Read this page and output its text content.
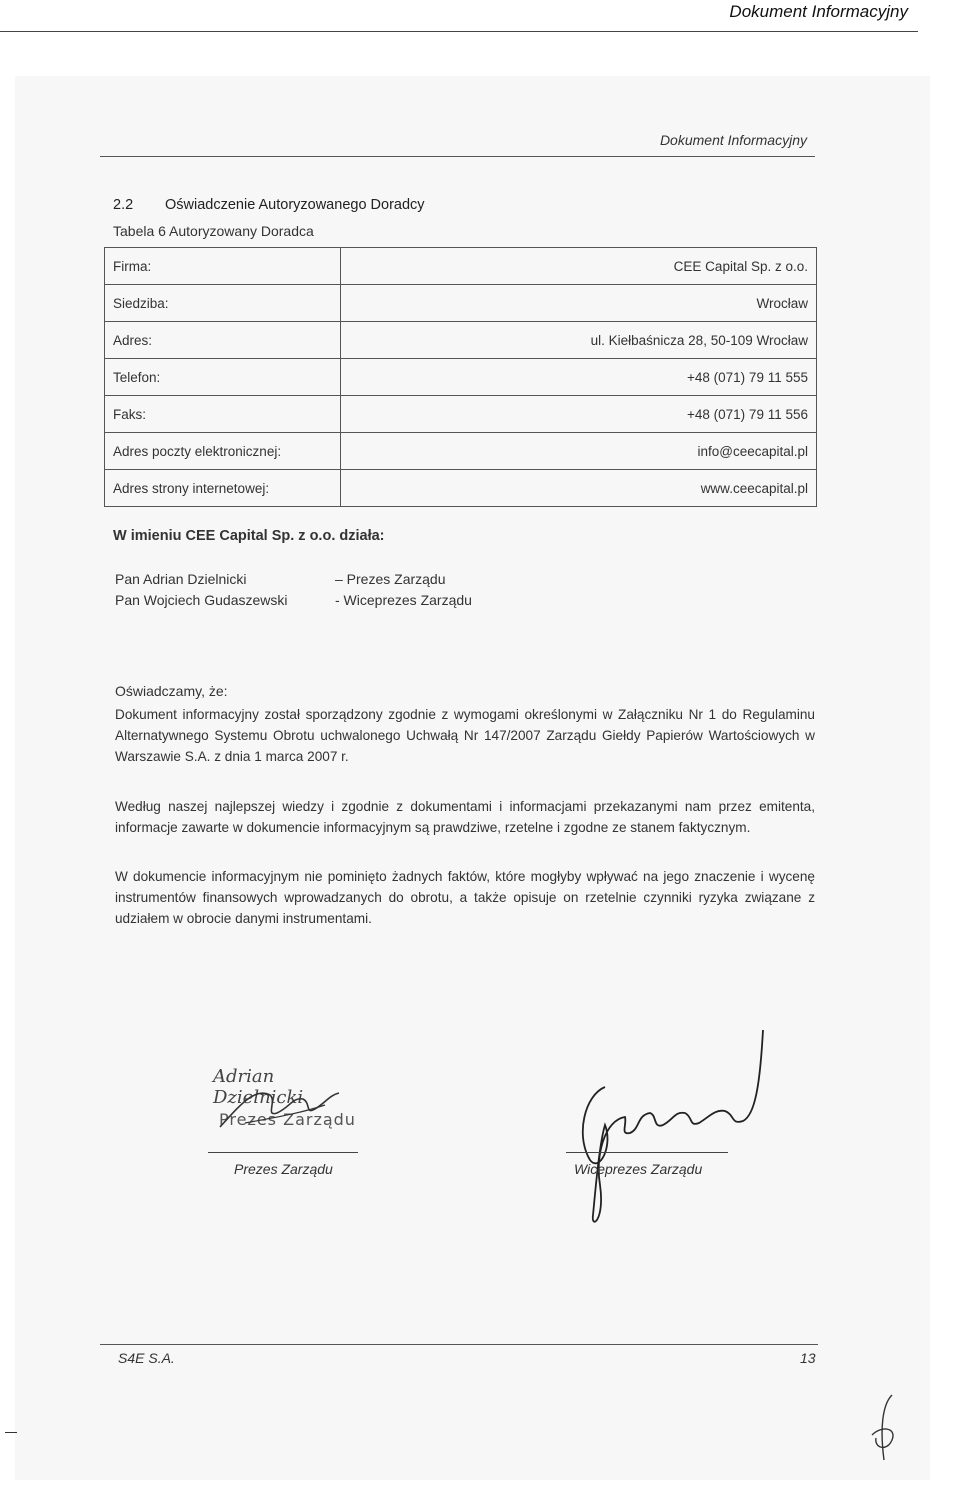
Dokument Informacyjny
Dokument Informacyjny
2.2 Oświadczenie Autoryzowanego Doradcy
Tabela 6 Autoryzowany Doradca
Firma:	CEE Capital Sp. z o.o.
Siedziba:	Wrocław
Adres:	ul. Kiełbaśnicza 28, 50-109 Wrocław
Telefon:	+48 (071) 79 11 555
Faks:	+48 (071) 79 11 556
Adres poczty elektronicznej:	info@ceecapital.pl
Adres strony internetowej:	www.ceecapital.pl
W imieniu CEE Capital Sp. z o.o. działa:
Pan Adrian Dzielnicki	– Prezes Zarządu
Pan Wojciech Gudaszewski	- Wiceprezes Zarządu
Oświadczamy, że:
Dokument informacyjny został sporządzony zgodnie z wymogami określonymi w Załączniku Nr 1 do Regulaminu Alternatywnego Systemu Obrotu uchwalonego Uchwałą Nr 147/2007 Zarządu Giełdy Papierów Wartościowych w Warszawie S.A. z dnia 1 marca 2007 r.
Według naszej najlepszej wiedzy i zgodnie z dokumentami i informacjami przekazanymi nam przez emitenta, informacje zawarte w dokumencie informacyjnym są prawdziwe, rzetelne i zgodne ze stanem faktycznym.
W dokumencie informacyjnym nie pominięto żadnych faktów, które mogłyby wpływać na jego znaczenie i wycenę instrumentów finansowych wprowadzanych do obrotu, a także opisuje on rzetelnie czynniki ryzyka związane z udziałem w obrocie danymi instrumentami.
Adrian Dzielnicki
Prezes Zarządu
Prezes Zarządu	Wiceprezes Zarządu
S4E S.A.	13
